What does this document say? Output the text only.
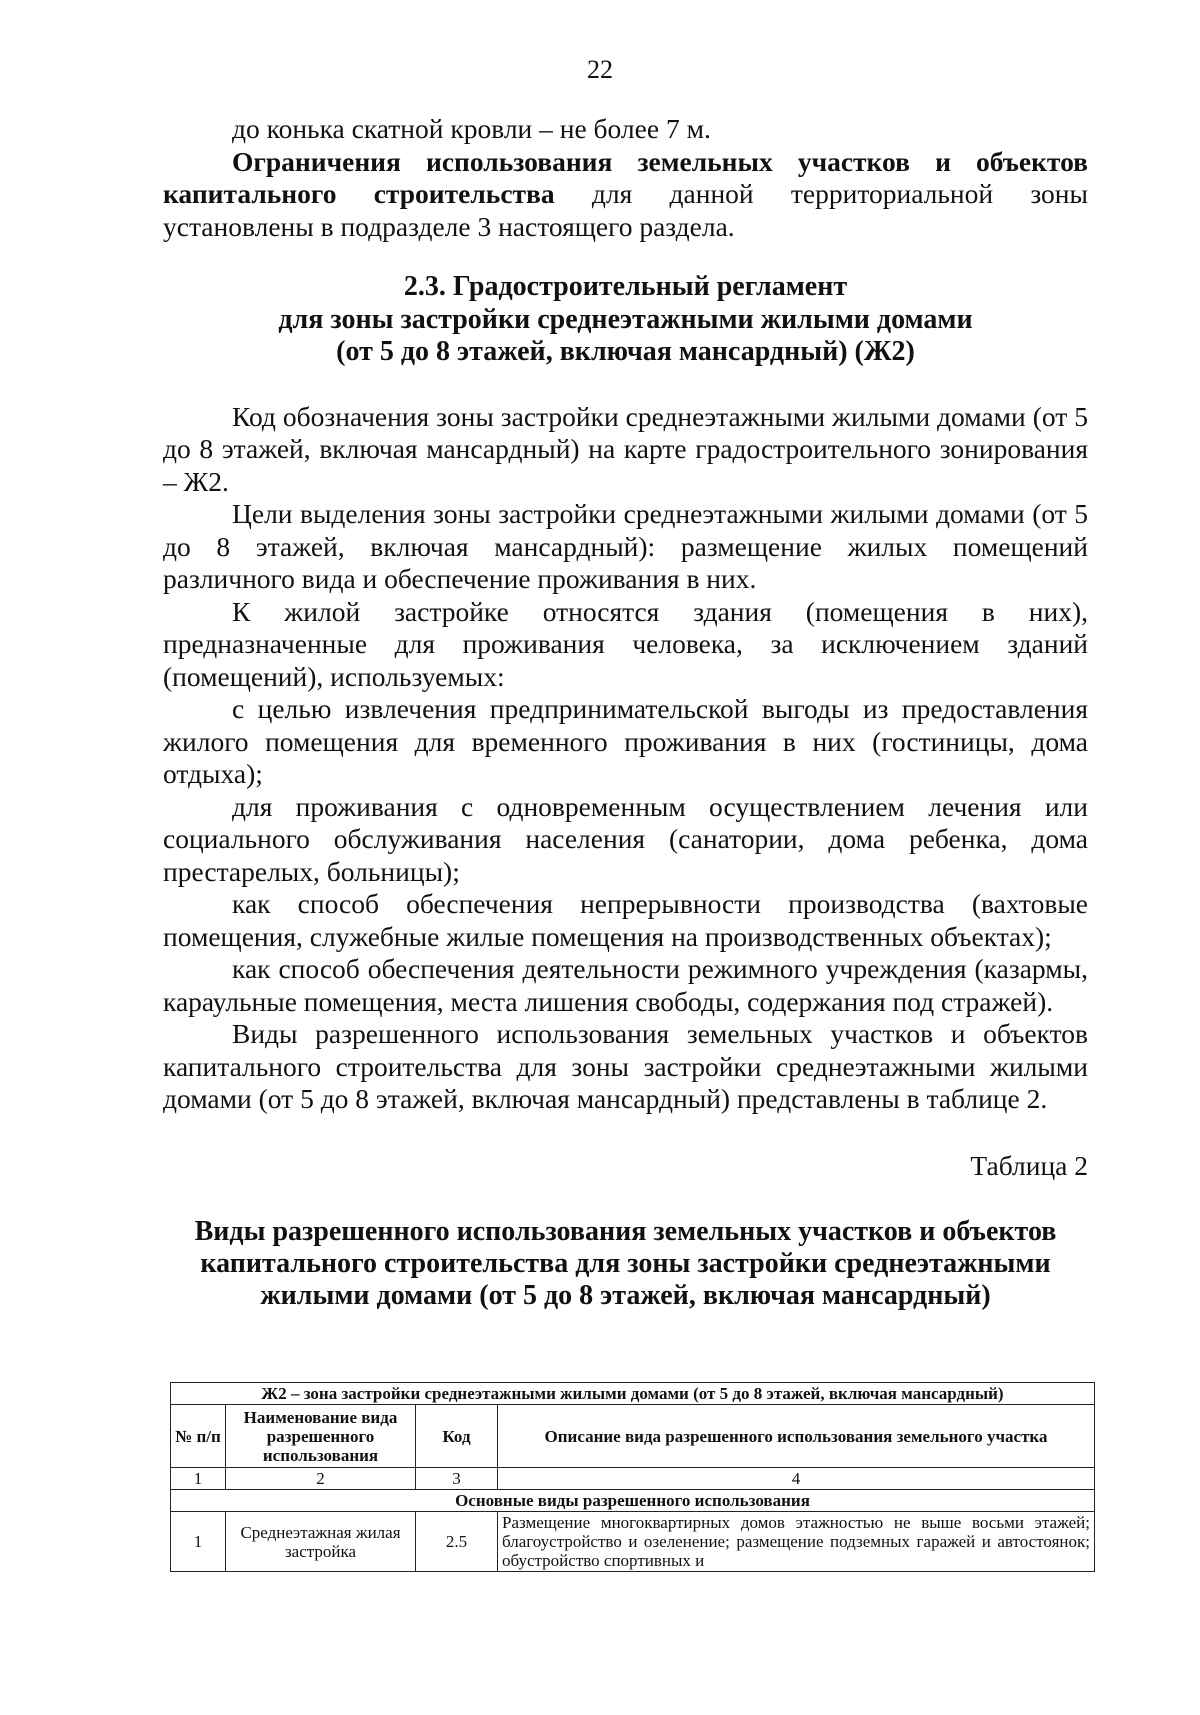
22

до конька скатной кровли – не более 7 м.

Ограничения использования земельных участков и объектов капитального строительства для данной территориальной зоны установлены в подразделе 3 настоящего раздела.

2.3. Градостроительный регламент
для зоны застройки среднеэтажными жилыми домами
(от 5 до 8 этажей, включая мансардный) (Ж2)

Код обозначения зоны застройки среднеэтажными жилыми домами (от 5 до 8 этажей, включая мансардный) на карте градостроительного зонирования – Ж2.

Цели выделения зоны застройки среднеэтажными жилыми домами (от 5 до 8 этажей, включая мансардный): размещение жилых помещений различного вида и обеспечение проживания в них.

К жилой застройке относятся здания (помещения в них), предназначенные для проживания человека, за исключением зданий (помещений), используемых:

с целью извлечения предпринимательской выгоды из предоставления жилого помещения для временного проживания в них (гостиницы, дома отдыха);

для проживания с одновременным осуществлением лечения или социального обслуживания населения (санатории, дома ребенка, дома престарелых, больницы);

как способ обеспечения непрерывности производства (вахтовые помещения, служебные жилые помещения на производственных объектах);

как способ обеспечения деятельности режимного учреждения (казармы, караульные помещения, места лишения свободы, содержания под стражей).

Виды разрешенного использования земельных участков и объектов капитального строительства для зоны застройки среднеэтажными жилыми домами (от 5 до 8 этажей, включая мансардный) представлены в таблице 2.

Таблица 2

Виды разрешенного использования земельных участков и объектов
капитального строительства для зоны застройки среднеэтажными
жилыми домами (от 5 до 8 этажей, включая мансардный)

Ж2 – зона застройки среднеэтажными жилыми домами (от 5 до 8 этажей, включая мансардный)			
№ п/п	Наименование вида разрешенного использования	Код	Описание вида разрешенного использования земельного участка
1	2	3	4
Основные виды разрешенного использования			
1	Среднеэтажная жилая застройка	2.5	Размещение многоквартирных домов этажностью не выше восьми этажей; благоустройство и озеленение; размещение подземных гаражей и автостоянок; обустройство спортивных и
